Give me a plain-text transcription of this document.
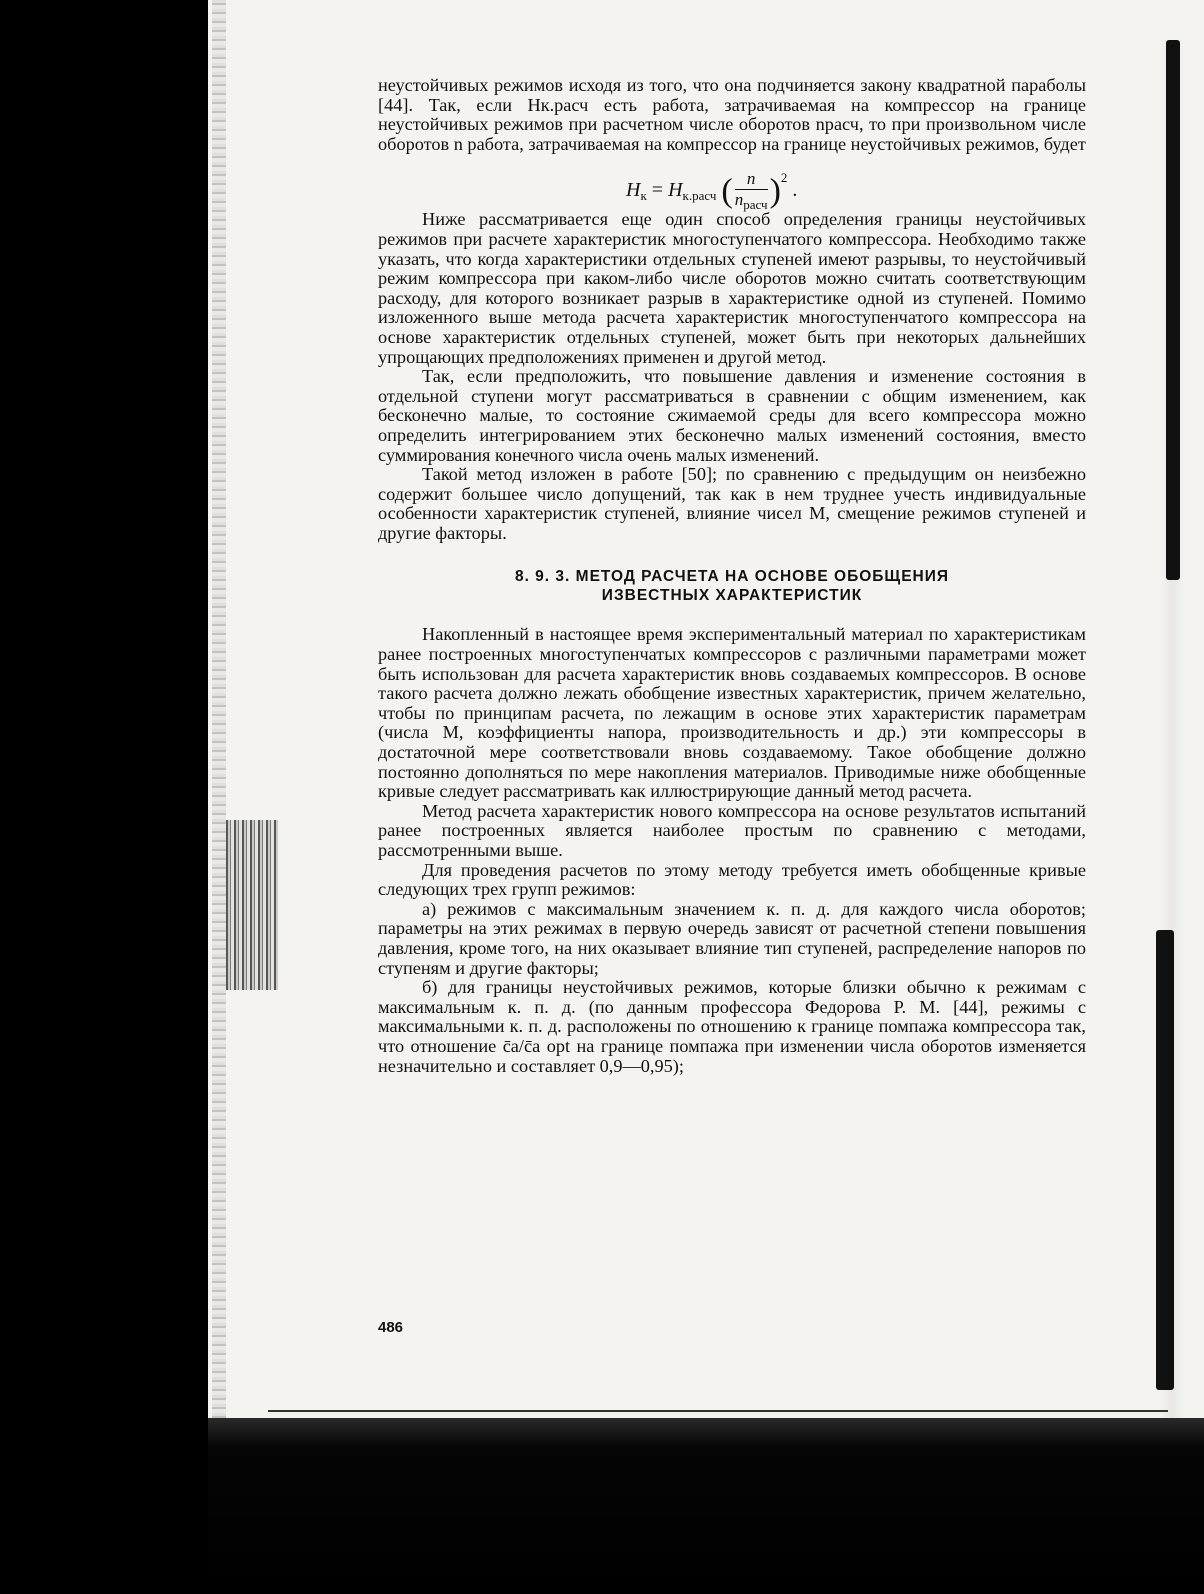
неустойчивых режимов исходя из того, что она подчиняется закону квадратной параболы [44]. Так, если Hк.расч есть работа, затрачиваемая на компрессор на границе неустойчивых режимов при расчетном числе оборотов nрасч, то при произвольном числе оборотов n работа, затрачиваемая на компрессор на границе неустойчивых режимов, будет

$H_к = H_{к.расч}$ ( $\frac{n}{n_{расч}} )^2$ .

Ниже рассматривается еще один способ определения границы неустойчивых режимов при расчете характеристик многоступенчатого компрессора. Необходимо также указать, что когда характеристики отдельных ступеней имеют разрывы, то неустойчивый режим компрессора при каком-либо числе оборотов можно считать соответствующим расходу, для которого возникает разрыв в характеристике одной из ступеней. Помимо изложенного выше метода расчета характеристик многоступенчатого компрессора на основе характеристик отдельных ступеней, может быть при некоторых дальнейших упрощающих предположениях применен и другой метод.

Так, если предположить, что повышение давления и изменение состояния в отдельной ступени могут рассматриваться в сравнении с общим изменением, как бесконечно малые, то состояние сжимаемой среды для всего компрессора можно определить интегрированием этих бесконечно малых изменений состояния, вместо суммирования конечного числа очень малых изменений.

Такой метод изложен в работе [50]; по сравнению с предыдущим он неизбежно содержит большее число допущений, так как в нем труднее учесть индивидуальные особенности характеристик ступеней, влияние чисел М, смещение режимов ступеней и другие факторы.

8. 9. 3. МЕТОД РАСЧЕТА НА ОСНОВЕ ОБОБЩЕНИЯ
ИЗВЕСТНЫХ ХАРАКТЕРИСТИК

Накопленный в настоящее время экспериментальный материал по характеристикам ранее построенных многоступенчатых компрессоров с различными параметрами может быть использован для расчета характеристик вновь создаваемых компрессоров. В основе такого расчета должно лежать обобщение известных характеристик, причем желательно, чтобы по принципам расчета, по лежащим в основе этих характеристик параметрам (числа М, коэффициенты напора, производительность и др.) эти компрессоры в достаточной мере соответствовали вновь создаваемому. Такое обобщение должно постоянно дополняться по мере накопления материалов. Приводимые ниже обобщенные кривые следует рассматривать как иллюстрирующие данный метод расчета.

Метод расчета характеристик нового компрессора на основе результатов испытаний ранее построенных является наиболее простым по сравнению с методами, рассмотренными выше.

Для проведения расчетов по этому методу требуется иметь обобщенные кривые следующих трех групп режимов:

а) режимов с максимальным значением к. п. д. для каждого числа оборотов; параметры на этих режимах в первую очередь зависят от расчетной степени повышения давления, кроме того, на них оказывает влияние тип ступеней, распределение напоров по ступеням и другие факторы;

б) для границы неустойчивых режимов, которые близки обычно к режимам с максимальным к. п. д. (по данным профессора Федорова Р. М. [44], режимы с максимальными к. п. д. расположены по отношению к границе помпажа компрессора так, что отношение c̄a/c̄a opt на границе помпажа при изменении числа оборотов изменяется незначительно и составляет 0,9—0,95);

486
